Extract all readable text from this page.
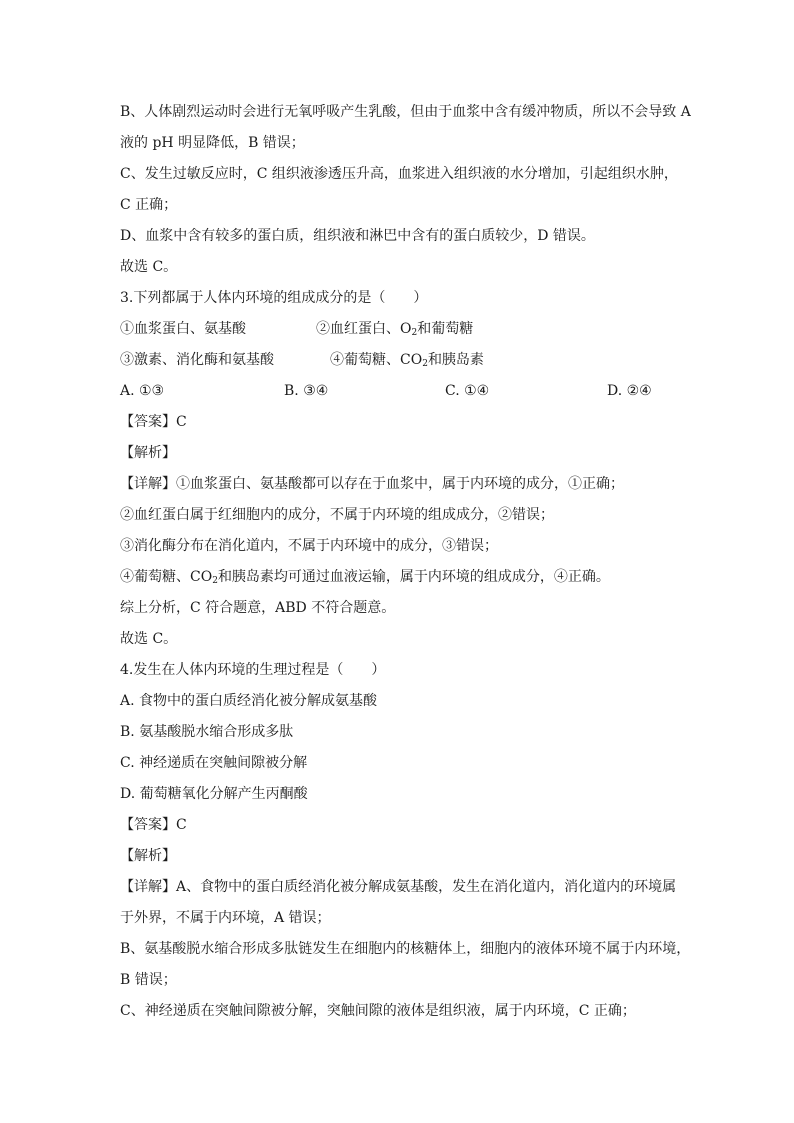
B、人体剧烈运动时会进行无氧呼吸产生乳酸，但由于血浆中含有缓冲物质，所以不会导致 A
液的 pH 明显降低，B 错误；
C、发生过敏反应时，C 组织液渗透压升高，血浆进入组织液的水分增加，引起组织水肿，
C 正确；
D、血浆中含有较多的蛋白质，组织液和淋巴中含有的蛋白质较少，D 错误。
故选 C。
3.下列都属于人体内环境的组成成分的是（　　）
①血浆蛋白、氨基酸	②血红蛋白、$O_2$和葡萄糖
③激素、消化酶和氨基酸	④葡萄糖、$CO_2$和胰岛素
A. ①③	B. ③④	C. ①④	D. ②④
【答案】C
【解析】
【详解】①血浆蛋白、氨基酸都可以存在于血浆中，属于内环境的成分，①正确；
②血红蛋白属于红细胞内的成分，不属于内环境的组成成分，②错误；
③消化酶分布在消化道内，不属于内环境中的成分，③错误；
④葡萄糖、$CO_2$和胰岛素均可通过血液运输，属于内环境的组成成分，④正确。
综上分析，C 符合题意，ABD 不符合题意。
故选 C。
4.发生在人体内环境的生理过程是（　　）
A. 食物中的蛋白质经消化被分解成氨基酸
B. 氨基酸脱水缩合形成多肽
C. 神经递质在突触间隙被分解
D. 葡萄糖氧化分解产生丙酮酸
【答案】C
【解析】
【详解】A、食物中的蛋白质经消化被分解成氨基酸，发生在消化道内，消化道内的环境属
于外界，不属于内环境，A 错误；
B、氨基酸脱水缩合形成多肽链发生在细胞内的核糖体上，细胞内的液体环境不属于内环境，
B 错误；
C、神经递质在突触间隙被分解，突触间隙的液体是组织液，属于内环境，C 正确；
